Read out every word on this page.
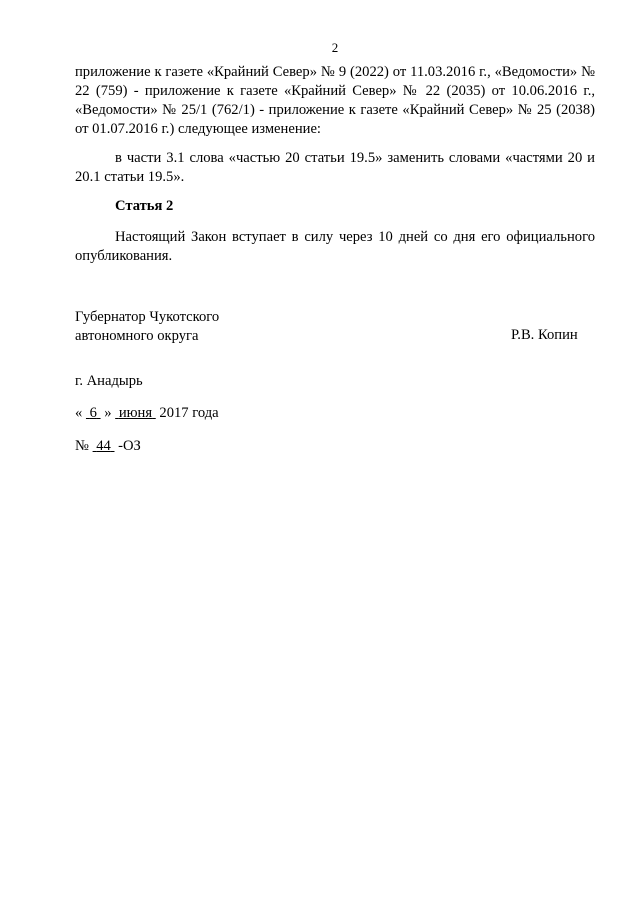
2

приложение к газете «Крайний Север» № 9 (2022) от 11.03.2016 г., «Ведомости» № 22 (759) - приложение к газете «Крайний Север» № 22 (2035) от 10.06.2016 г., «Ведомости» № 25/1 (762/1) - приложение к газете «Крайний Север» № 25 (2038) от 01.07.2016 г.) следующее изменение:

в части 3.1 слова «частью 20 статьи 19.5» заменить словами «частями 20 и 20.1 статьи 19.5».

Статья 2

Настоящий Закон вступает в силу через 10 дней со дня его официального опубликования.

Губернатор Чукотского
автономного округа	Р.В. Копин
г. Анадырь
« 6 » июня 2017 года
№ 44 -ОЗ
